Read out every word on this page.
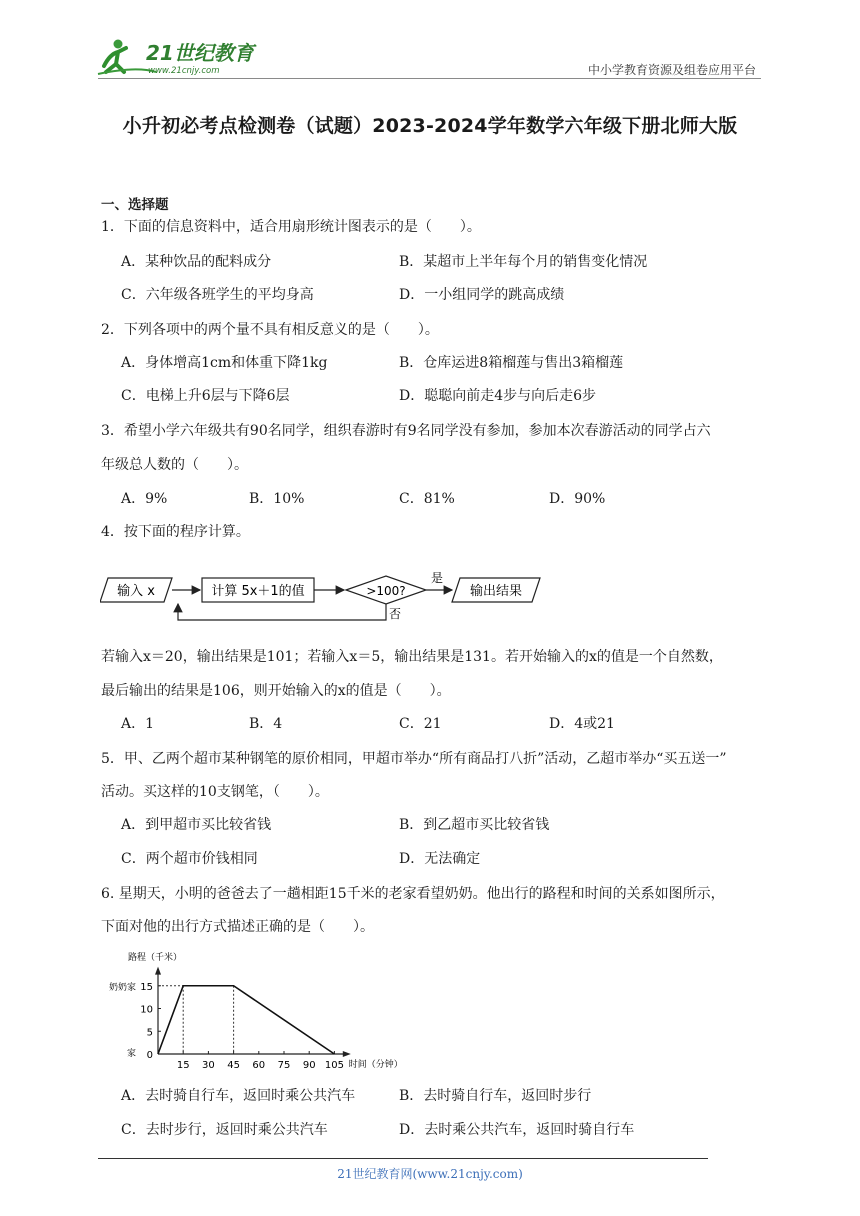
21世纪教育
www.21cnjy.com	中小学教育资源及组卷应用平台
小升初必考点检测卷（试题）2023-2024学年数学六年级下册北师大版
一、选择题
1．下面的信息资料中，适合用扇形统计图表示的是（　　）。
A．某种饮品的配料成分	B．某超市上半年每个月的销售变化情况
C．六年级各班学生的平均身高	D．一小组同学的跳高成绩
2．下列各项中的两个量不具有相反意义的是（　　）。
A．身体增高1cm和体重下降1kg	B．仓库运进8箱榴莲与售出3箱榴莲
C．电梯上升6层与下降6层	D．聪聪向前走4步与向后走6步
3．希望小学六年级共有90名同学，组织春游时有9名同学没有参加，参加本次春游活动的同学占六
年级总人数的（　　）。
A．9%	B．10%	C．81%	D．90%
4．按下面的程序计算。
输入 x	计算 5x＋1的值	>100?
是
输出结果
否
若输入x＝20，输出结果是101；若输入x＝5，输出结果是131。若开始输入的x的值是一个自然数，
最后输出的结果是106，则开始输入的x的值是（　　）。
A．1	B．4	C．21	D．4或21
5．甲、乙两个超市某种钢笔的原价相同，甲超市举办“所有商品打八折”活动，乙超市举办“买五送一”
活动。买这样的10支钢笔，（　　）。
A．到甲超市买比较省钱	B．到乙超市买比较省钱
C．两个超市价钱相同	D．无法确定
6. 星期天，小明的爸爸去了一趟相距15千米的老家看望奶奶。他出行的路程和时间的关系如图所示，
下面对他的出行方式描述正确的是（　　）。
路程（千米）
时间（分钟）
0
5
10
15
15 30 45 60 75 90 105
奶奶家
家
A．去时骑自行车，返回时乘公共汽车	B．去时骑自行车，返回时步行
C．去时步行，返回时乘公共汽车	D．去时乘公共汽车，返回时骑自行车
21世纪教育网(www.21cnjy.com)
